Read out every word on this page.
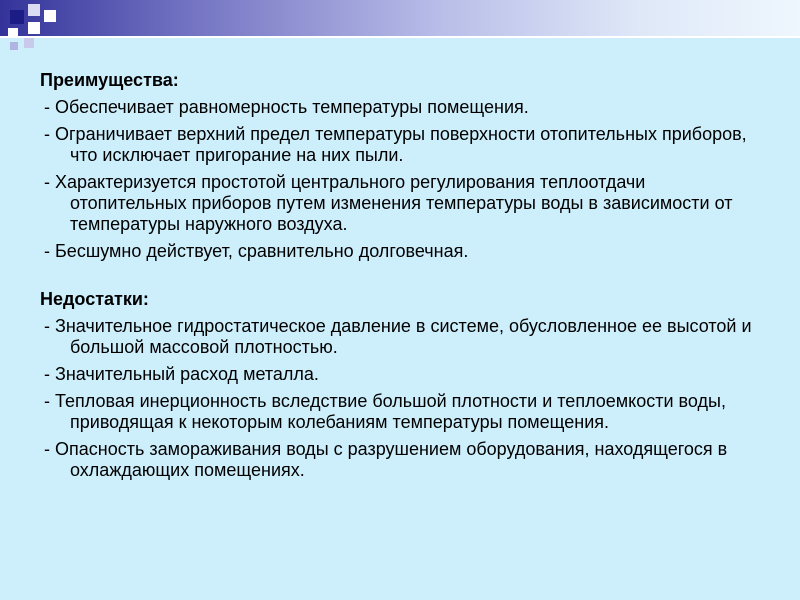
Преимущества:
- Обеспечивает равномерность температуры помещения.
- Ограничивает верхний предел температуры поверхности отопительных приборов, что исключает пригорание на них пыли.
- Характеризуется простотой центрального регулирования теплоотдачи отопительных приборов путем изменения температуры воды в зависимости от температуры наружного воздуха.
- Бесшумно действует, сравнительно долговечная.
Недостатки:
- Значительное гидростатическое давление в системе, обусловленное ее высотой и большой массовой плотностью.
- Значительный расход металла.
- Тепловая инерционность вследствие большой плотности и теплоемкости воды, приводящая к некоторым колебаниям температуры помещения.
- Опасность замораживания воды с разрушением оборудования, находящегося в охлаждающих помещениях.
